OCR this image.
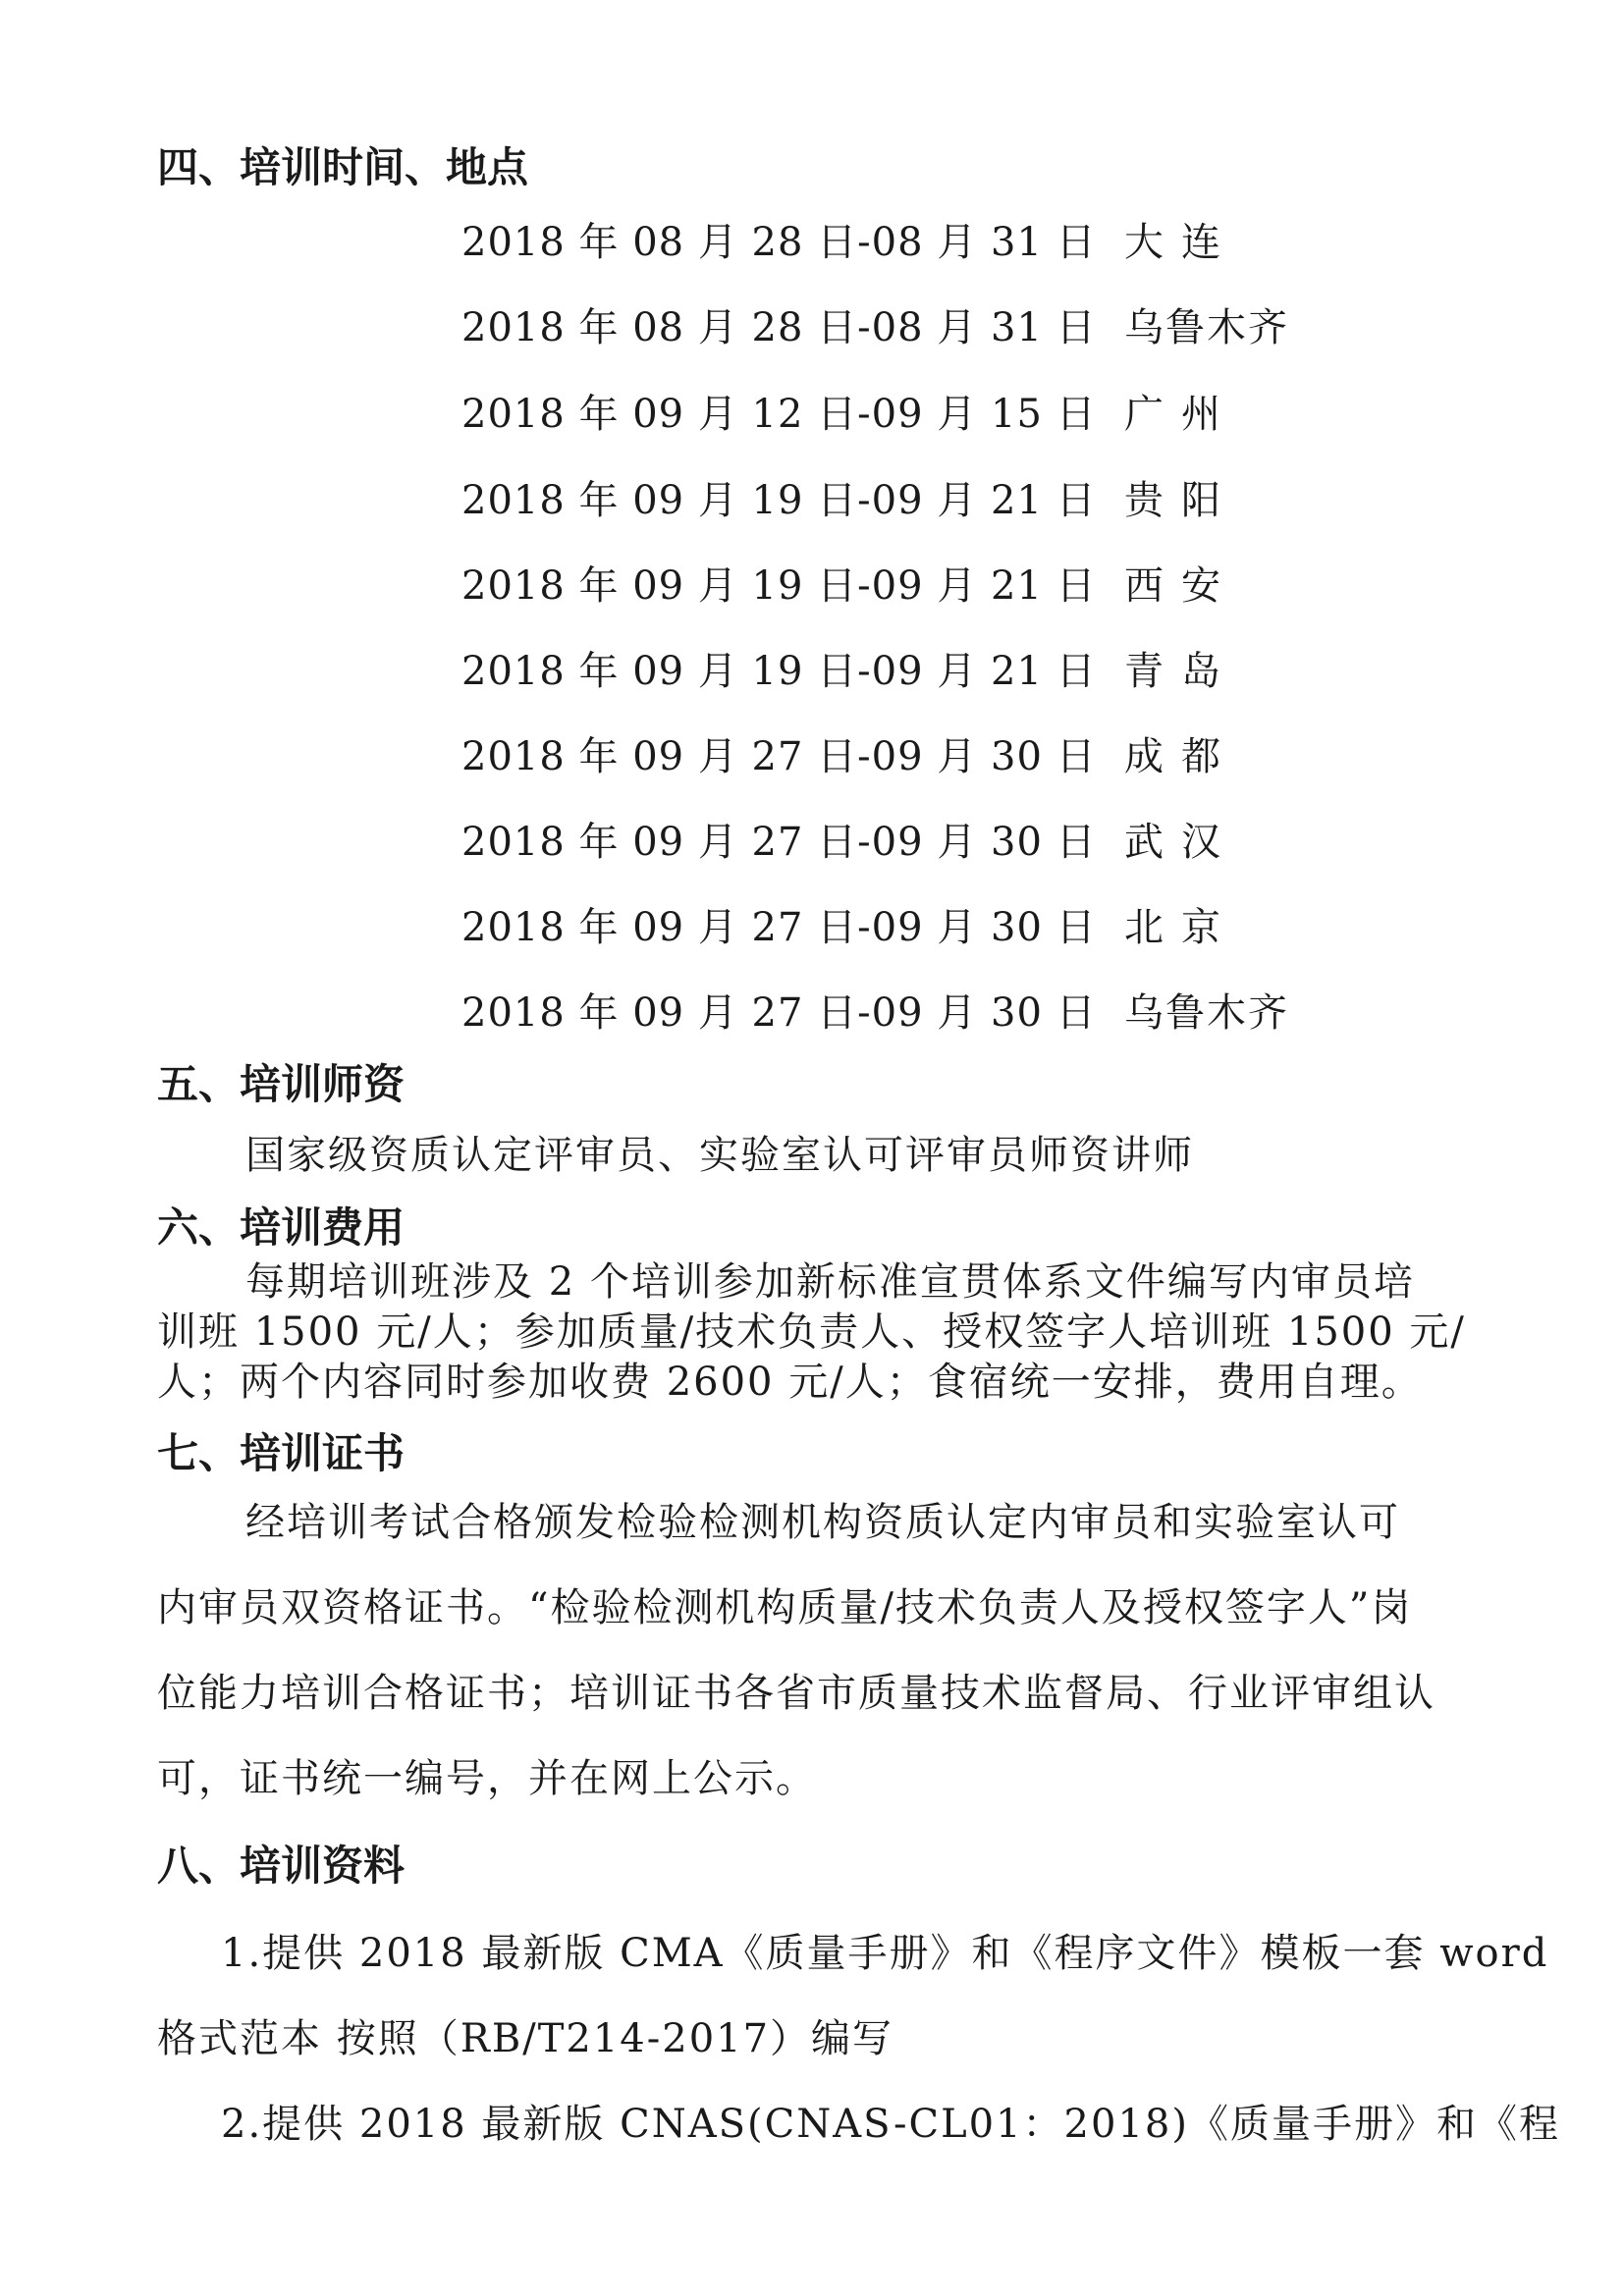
四、培训时间、地点
2018 年 08 月 28 日-08 月 31 日 大连
2018 年 08 月 28 日-08 月 31 日 乌鲁木齐
2018 年 09 月 12 日-09 月 15 日 广州
2018 年 09 月 19 日-09 月 21 日 贵阳
2018 年 09 月 19 日-09 月 21 日 西安
2018 年 09 月 19 日-09 月 21 日 青岛
2018 年 09 月 27 日-09 月 30 日 成都
2018 年 09 月 27 日-09 月 30 日 武汉
2018 年 09 月 27 日-09 月 30 日 北京
2018 年 09 月 27 日-09 月 30 日 乌鲁木齐
五、培训师资
国家级资质认定评审员、实验室认可评审员师资讲师
六、培训费用
每期培训班涉及 2 个培训参加新标准宣贯体系文件编写内审员培
训班 1500 元/人；参加质量/技术负责人、授权签字人培训班 1500 元/
人；两个内容同时参加收费 2600 元/人；食宿统一安排，费用自理。
七、培训证书
经培训考试合格颁发检验检测机构资质认定内审员和实验室认可
内审员双资格证书。“检验检测机构质量/技术负责人及授权签字人”岗
位能力培训合格证书；培训证书各省市质量技术监督局、行业评审组认
可，证书统一编号，并在网上公示。
八、培训资料
1.提供 2018 最新版 CMA《质量手册》和《程序文件》模板一套 word
格式范本 按照（RB/T214-2017）编写
2.提供 2018 最新版 CNAS(CNAS-CL01：2018)《质量手册》和《程
